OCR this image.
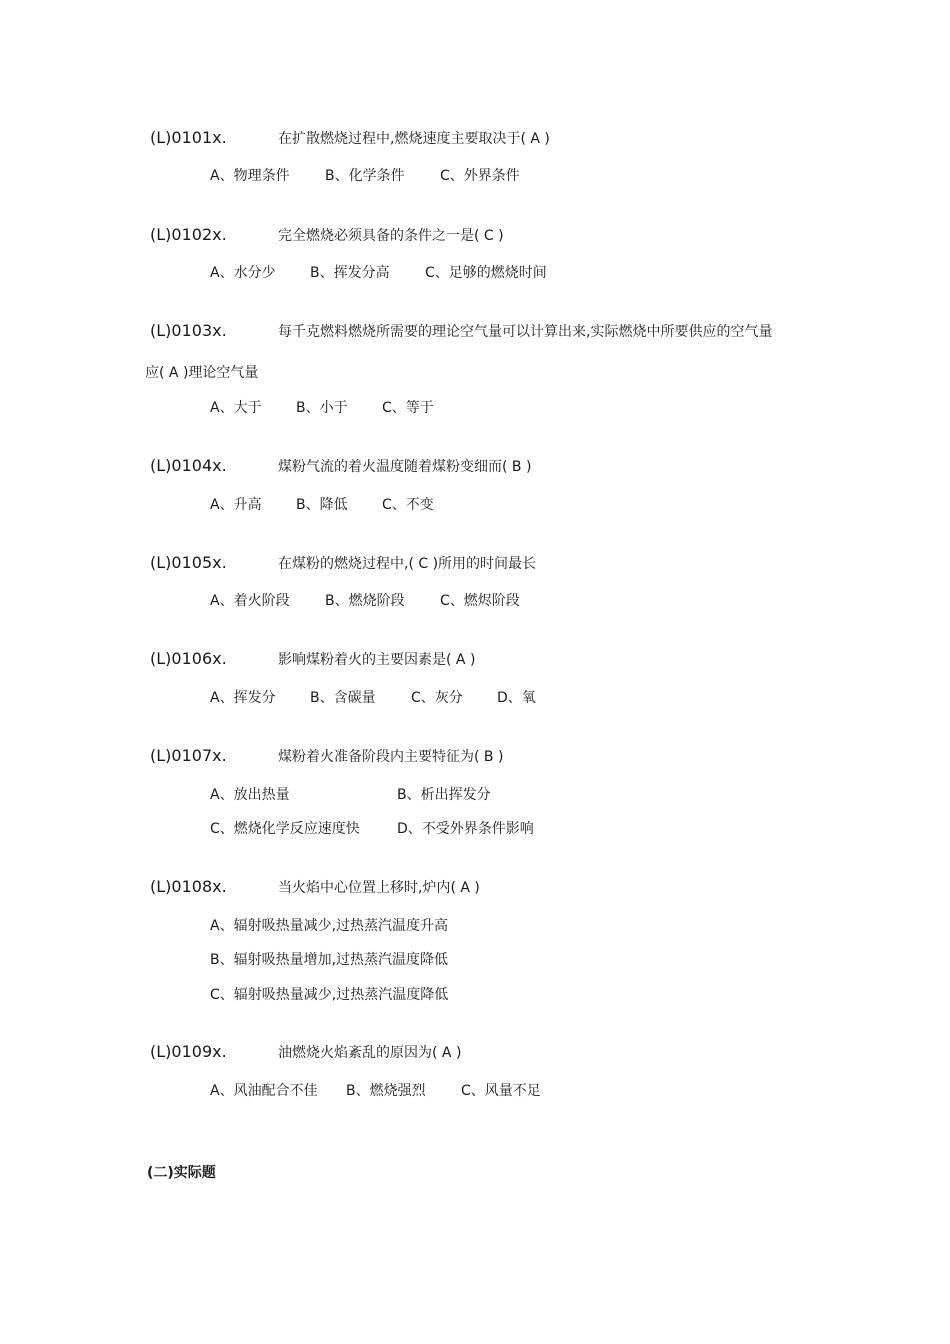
(L)0101x.	在扩散燃烧过程中,燃烧速度主要取决于( A )
A、物理条件	B、化学条件	C、外界条件
(L)0102x.	完全燃烧必须具备的条件之一是( C )
A、水分少 B、挥发分高	C、足够的燃烧时间
(L)0103x.	每千克燃料燃烧所需要的理论空气量可以计算出来,实际燃烧中所要供应的空气量
应( A )理论空气量
A、大于 B、小于 C、等于
(L)0104x.	煤粉气流的着火温度随着煤粉变细而( B )
A、升高 B、降低 C、不变
(L)0105x.	在煤粉的燃烧过程中,( C )所用的时间最长
A、着火阶段	B、燃烧阶段	C、燃烬阶段
(L)0106x.	影响煤粉着火的主要因素是( A )
A、挥发分 B、含碳量	C、灰分 D、氧
(L)0107x.	煤粉着火准备阶段内主要特征为( B )
A、放出热量	B、析出挥发分
C、燃烧化学反应速度快	D、不受外界条件影响
(L)0108x.	当火焰中心位置上移时,炉内( A )
A、辐射吸热量减少,过热蒸汽温度升高
B、辐射吸热量增加,过热蒸汽温度降低
C、辐射吸热量减少,过热蒸汽温度降低
(L)0109x.	油燃烧火焰紊乱的原因为( A )
A、风油配合不佳 B、燃烧强烈	C、风量不足
(二)实际题
